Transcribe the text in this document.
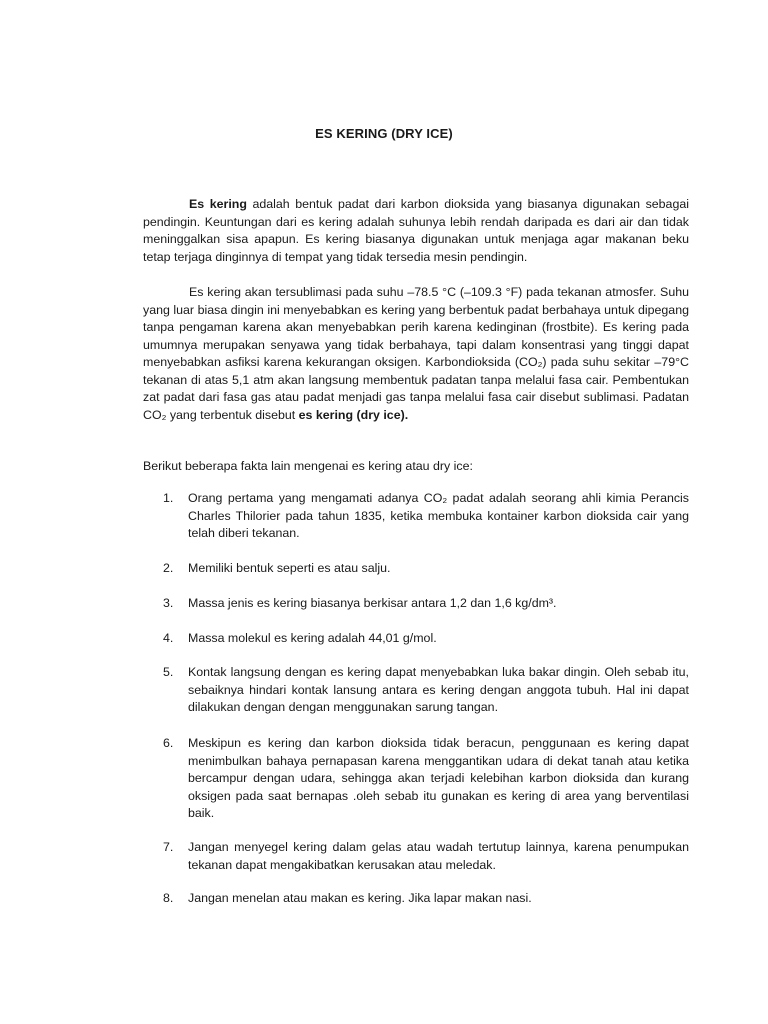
ES KERING (DRY ICE)

Es kering adalah bentuk padat dari karbon dioksida yang biasanya digunakan sebagai pendingin. Keuntungan dari es kering adalah suhunya lebih rendah daripada es dari air dan tidak meninggalkan sisa apapun. Es kering biasanya digunakan untuk menjaga agar makanan beku tetap terjaga dinginnya di tempat yang tidak tersedia mesin pendingin.

Es kering akan tersublimasi pada suhu –78.5 °C (–109.3 °F) pada tekanan atmosfer. Suhu yang luar biasa dingin ini menyebabkan es kering yang berbentuk padat berbahaya untuk dipegang tanpa pengaman karena akan menyebabkan perih karena kedinginan (frostbite). Es kering pada umumnya merupakan senyawa yang tidak berbahaya, tapi dalam konsentrasi yang tinggi dapat menyebabkan asfiksi karena kekurangan oksigen. Karbondioksida (CO₂) pada suhu sekitar –79°C tekanan di atas 5,1 atm akan langsung membentuk padatan tanpa melalui fasa cair. Pembentukan zat padat dari fasa gas atau padat menjadi gas tanpa melalui fasa cair disebut sublimasi. Padatan CO₂ yang terbentuk disebut es kering (dry ice).

Berikut beberapa fakta lain mengenai es kering atau dry ice:

1.	Orang pertama yang mengamati adanya CO₂ padat adalah seorang ahli kimia Perancis Charles Thilorier pada tahun 1835, ketika membuka kontainer karbon dioksida cair yang telah diberi tekanan.
2.	Memiliki bentuk seperti es atau salju.
3.	Massa jenis es kering biasanya berkisar antara 1,2 dan 1,6 kg/dm³.
4.	Massa molekul es kering adalah 44,01 g/mol.
5.	Kontak langsung dengan es kering dapat menyebabkan luka bakar dingin. Oleh sebab itu, sebaiknya hindari kontak lansung antara es kering dengan anggota tubuh. Hal ini dapat dilakukan dengan dengan menggunakan sarung tangan.
6.	Meskipun es kering dan karbon dioksida tidak beracun, penggunaan es kering dapat menimbulkan bahaya pernapasan karena menggantikan udara di dekat tanah atau ketika bercampur dengan udara, sehingga akan terjadi kelebihan karbon dioksida dan kurang oksigen pada saat bernapas .oleh sebab itu gunakan es kering di area yang berventilasi baik.
7.	Jangan menyegel kering dalam gelas atau wadah tertutup lainnya, karena penumpukan tekanan dapat mengakibatkan kerusakan atau meledak.
8.	Jangan menelan atau makan es kering. Jika lapar makan nasi.
